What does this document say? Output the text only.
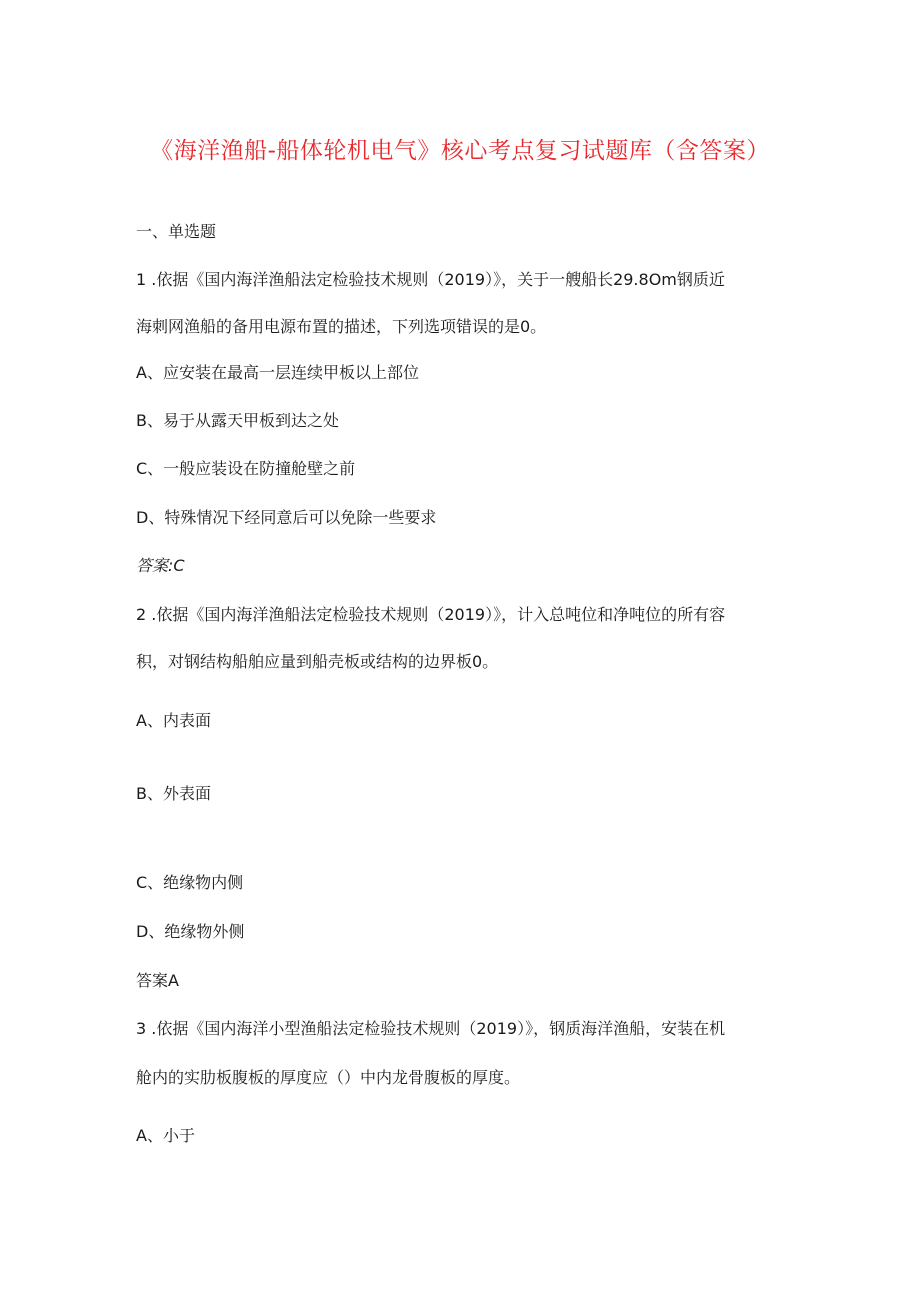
《海洋渔船-船体轮机电气》核心考点复习试题库（含答案）
一、单选题
1 .依据《国内海洋渔船法定检验技术规则（2019）》，关于一艘船长29.8Om钢质近
海刺网渔船的备用电源布置的描述，下列选项错误的是0。
A、应安装在最高一层连续甲板以上部位
B、易于从露天甲板到达之处
C、一般应装设在防撞舱壁之前
D、特殊情况下经同意后可以免除一些要求
答案:C
2 .依据《国内海洋渔船法定检验技术规则（2019）》，计入总吨位和净吨位的所有容
积，对钢结构船舶应量到船壳板或结构的边界板0。
A、内表面
B、外表面
C、绝缘物内侧
D、绝缘物外侧
答案A
3 .依据《国内海洋小型渔船法定检验技术规则（2019）》，钢质海洋渔船，安装在机
舱内的实肋板腹板的厚度应（）中内龙骨腹板的厚度。
A、小于
